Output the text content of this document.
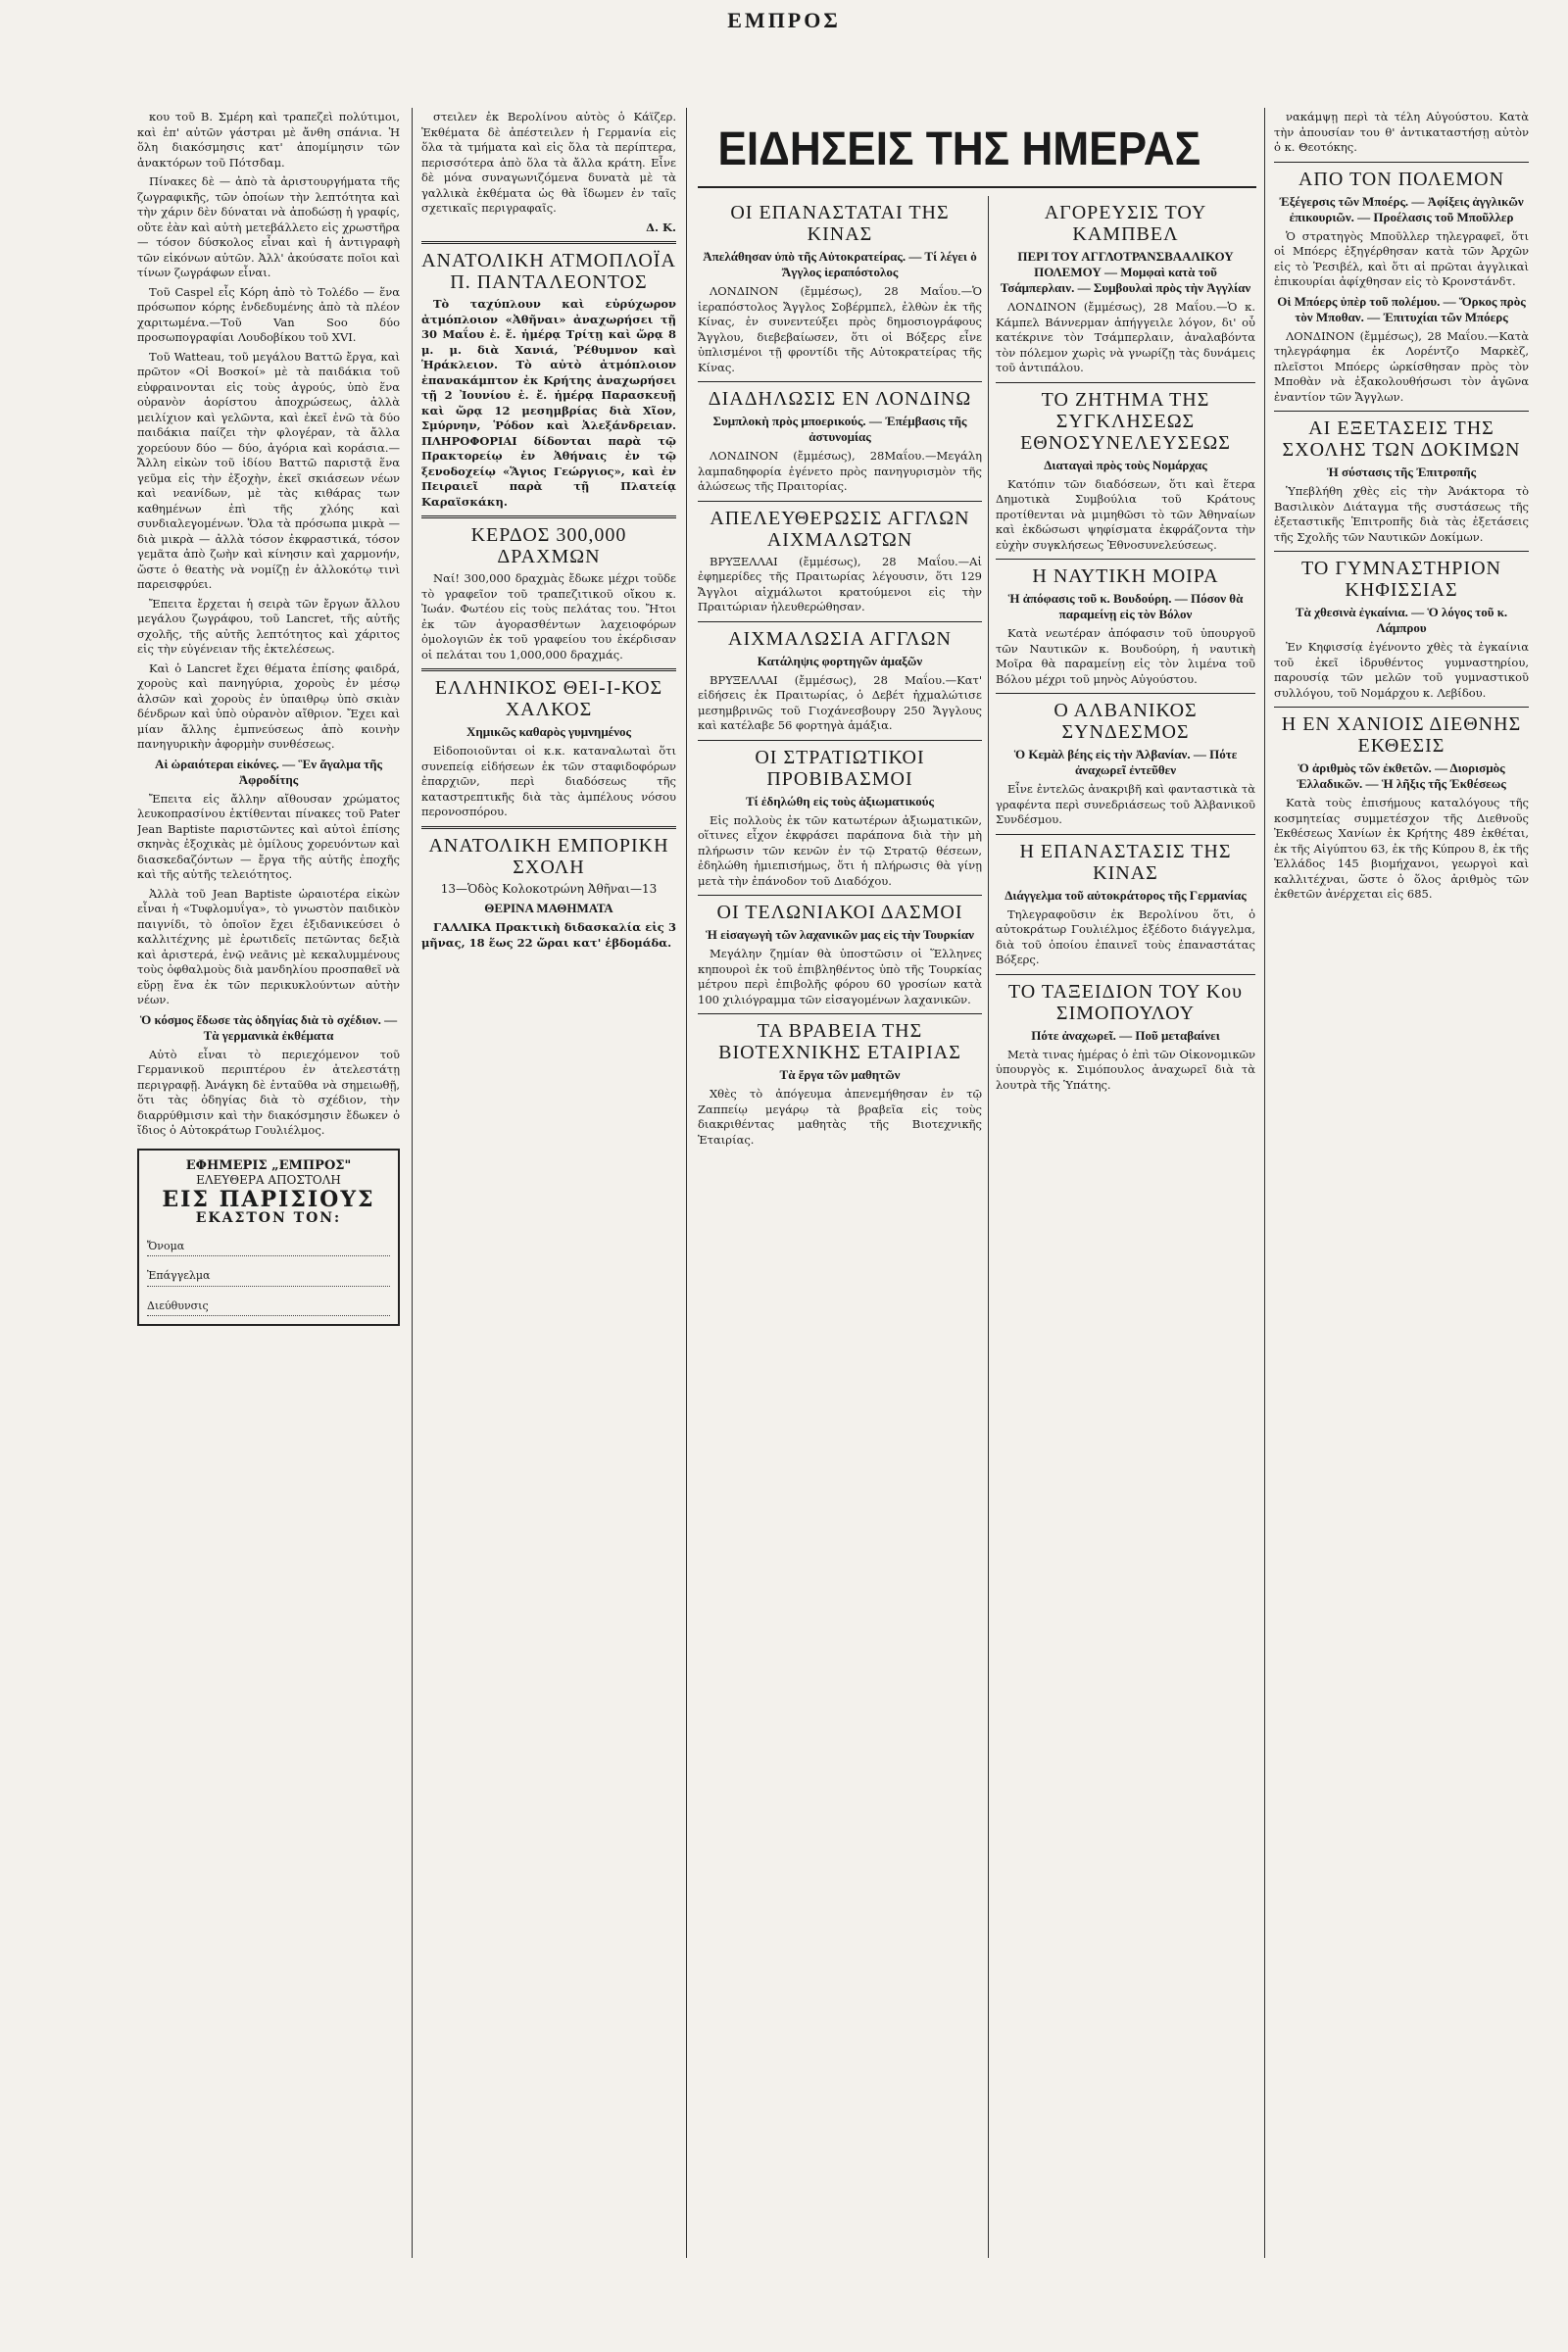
ΕΜΠΡΟΣ

κου τοῦ Β. Σμέρη καὶ τραπεζεὶ πολύτιμοι, καὶ ἐπ' αὐτῶν γάστραι μὲ ἄνθη σπάνια. Ἡ ὅλη διακόσμησις κατ' ἀπομίμησιν τῶν ἀνακτόρων τοῦ Πότσδαμ.

Πίνακες δὲ — ἀπὸ τὰ ἀριστουργήματα τῆς ζωγραφικῆς, τῶν ὁποίων τὴν λεπτότητα καὶ τὴν χάριν δὲν δύναται νὰ ἀποδώσῃ ἡ γραφίς, οὔτε ἐὰν καὶ αὐτὴ μετεβάλλετο εἰς χρωστῆρα — τόσον δύσκολος εἶναι καὶ ἡ ἀντιγραφὴ τῶν εἰκόνων αὐτῶν. Ἀλλ' ἀκούσατε ποῖοι καὶ τίνων ζωγράφων εἶναι.

Τοῦ Caspel εἷς Κόρη ἀπὸ τὸ Τολέδο — ἕνα πρόσωπον κόρης ἐνδεδυμένης ἀπὸ τὰ πλέον χαριτωμένα.—Τοῦ Van Soo δύο προσωπογραφίαι Λουδοβίκου τοῦ XVI.

Τοῦ Watteau, τοῦ μεγάλου Βαττῶ ἔργα, καὶ πρῶτον «Οἱ Βοσκοί» μὲ τὰ παιδάκια τοῦ εὐφραινονται εἰς τοὺς ἀγρούς, ὑπὸ ἕνα οὐρανὸν ἀορίστου ἀποχρώσεως, ἀλλὰ μειλίχιον καὶ γελῶντα, καὶ ἐκεῖ ἐνῶ τὰ δύο παιδάκια παίζει τὴν φλογέραν, τὰ ἄλλα χορεύουν δύο — δύο, ἀγόρια καὶ κοράσια.— Ἄλλη εἰκὼν τοῦ ἰδίου Βαττῶ παριστᾷ ἕνα γεῦμα εἰς τὴν ἐξοχὴν, ἐκεῖ σκιάσεων νέων καὶ νεανίδων, μὲ τὰς κιθάρας των καθημένων ἐπὶ τῆς χλόης καὶ συνδιαλεγομένων. Ὅλα τὰ πρόσωπα μικρὰ — διὰ μικρὰ — ἀλλὰ τόσον ἐκφραστικά, τόσον γεμᾶτα ἀπὸ ζωὴν καὶ κίνησιν καὶ χαρμονήν, ὥστε ὁ θεατὴς νὰ νομίζῃ ἐν ἀλλοκότῳ τινὶ παρεισφρύει.

Ἔπειτα ἔρχεται ἡ σειρὰ τῶν ἔργων ἄλλου μεγάλου ζωγράφου, τοῦ Lancret, τῆς αὐτῆς σχολῆς, τῆς αὐτῆς λεπτότητος καὶ χάριτος εἰς τὴν εὐγένειαν τῆς ἐκτελέσεως.

Καὶ ὁ Lancret ἔχει θέματα ἐπίσης φαιδρά, χοροὺς καὶ πανηγύρια, χοροὺς ἐν μέσῳ ἀλσῶν καὶ χοροὺς ἐν ὑπαιθρῳ ὑπὸ σκιὰν δένδρων καὶ ὑπὸ οὐρανὸν αἴθριον. Ἔχει καὶ μίαν ἄλλης ἐμπνεύσεως ἀπὸ κοινὴν πανηγυρικὴν ἀφορμὴν συνθέσεως.

Αἱ ὡραιότεραι εἰκόνες. — Ἓν ἄγαλμα τῆς Ἀφροδίτης

Ἔπειτα εἰς ἄλλην αἴθουσαν χρώματος λευκοπρασίνου ἐκτίθενται πίνακες τοῦ Pater Jean Baptiste παριστῶντες καὶ αὐτοὶ ἐπίσης σκηνὰς ἐξοχικὰς μὲ ὁμίλους χορευόντων καὶ διασκεδαζόντων — ἔργα τῆς αὐτῆς ἐποχῆς καὶ τῆς αὐτῆς τελειότητος.

Ἀλλὰ τοῦ Jean Baptiste ὡραιοτέρα εἰκὼν εἶναι ἡ «Τυφλομυΐγα», τὸ γνωστὸν παιδικὸν παιγνίδι, τὸ ὁποῖον ἔχει ἐξιδανικεύσει ὁ καλλιτέχνης μὲ ἐρωτιδεῖς πετῶντας δεξιὰ καὶ ἀριστερά, ἐνῷ νεᾶνις μὲ κεκαλυμμένους τοὺς ὀφθαλμοὺς διὰ μανδηλίου προσπαθεῖ νὰ εὕρῃ ἕνα ἐκ τῶν περικυκλούντων αὐτὴν νέων.

Ὁ κόσμος ἔδωσε τὰς ὁδηγίας διὰ τὸ σχέδιον. — Τὰ γερμανικὰ ἐκθέματα

Αὐτὸ εἶναι τὸ περιεχόμενον τοῦ Γερμανικοῦ περιπτέρου ἐν ἀτελεστάτῃ περιγραφῇ. Ἀνάγκη δὲ ἐνταῦθα νὰ σημειωθῇ, ὅτι τὰς ὁδηγίας διὰ τὸ σχέδιον, τὴν διαρρύθμισιν καὶ τὴν διακόσμησιν ἔδωκεν ὁ ἴδιος ὁ Αὐτοκράτωρ Γουλιέλμος.

ΕΦΗΜΕΡΙΣ „ΕΜΠΡΟΣ"
ΕΛΕΥΘΕΡΑ ΑΠΟΣΤΟΛΗ
ΕΙΣ ΠΑΡΙΣΙΟΥΣ
ΕΚΑΣΤΟΝ ΤΟΝ:
Ὄνομα
Ἐπάγγελμα
Διεύθυνσις

στειλεν ἐκ Βερολίνου αὐτὸς ὁ Κάϊζερ. Ἐκθέματα δὲ ἀπέστειλεν ἡ Γερμανία εἰς ὅλα τὰ τμήματα καὶ εἰς ὅλα τὰ περίπτερα, περισσότερα ἀπὸ ὅλα τὰ ἄλλα κράτη. Εἶνε δὲ μόνα συναγωνιζόμενα δυνατὰ μὲ τὰ γαλλικὰ ἐκθέματα ὡς θὰ ἴδωμεν ἐν ταῖς σχετικαῖς περιγραφαῖς.

Δ. Κ.
ΑΝΑΤΟΛΙΚΗ ΑΤΜΟΠΛΟΪΑ Π. ΠΑΝΤΑΛΕΟΝΤΟΣ

Τὸ ταχύπλουν καὶ εὐρύχωρον ἀτμόπλοιον «Ἀθῆναι» ἀναχωρήσει τῇ 30 Μαΐου ἐ. ἔ. ἡμέρᾳ Τρίτῃ καὶ ὥρᾳ 8 μ. μ. διὰ Χανιά, Ῥέθυμνον καὶ Ἡράκλειον. Τὸ αὐτὸ ἀτμόπλοιον ἐπανακάμπτον ἐκ Κρήτης ἀναχωρήσει τῇ 2 Ἰουνίου ἐ. ἔ. ἡμέρᾳ Παρασκευῇ καὶ ὥρᾳ 12 μεσημβρίας διὰ Χῖον, Σμύρνην, Ῥόδον καὶ Ἀλεξάνδρειαν. ΠΛΗΡΟΦΟΡΙΑΙ δίδονται παρὰ τῷ Πρακτορείῳ ἐν Ἀθήναις ἐν τῷ ξενοδοχείῳ «Ἅγιος Γεώργιος», καὶ ἐν Πειραιεῖ παρὰ τῇ Πλατείᾳ Καραϊσκάκη.

ΚΕΡΔΟΣ 300,000 ΔΡΑΧΜΩΝ

Ναί! 300,000 δραχμὰς ἔδωκε μέχρι τοῦδε τὸ γραφεῖον τοῦ τραπεζιτικοῦ οἴκου κ. Ἰωάν. Φωτέου εἰς τοὺς πελάτας του. Ἤτοι ἐκ τῶν ἀγορασθέντων λαχειοφόρων ὁμολογιῶν ἐκ τοῦ γραφείου του ἐκέρδισαν οἱ πελάται του 1,000,000 δραχμάς.

ΕΛΛΗΝΙΚΟΣ ΘΕΙ-Ι-ΚΟΣ ΧΑΛΚΟΣ
Χημικῶς καθαρὸς γυμνημένος

Εἰδοποιοῦνται οἱ κ.κ. καταναλωταὶ ὅτι συνεπείᾳ εἰδήσεων ἐκ τῶν σταφιδοφόρων ἐπαρχιῶν, περὶ διαδόσεως τῆς καταστρεπτικῆς διὰ τὰς ἀμπέλους νόσου περονοσπόρου.

ΑΝΑΤΟΛΙΚΗ ΕΜΠΟΡΙΚΗ ΣΧΟΛΗ
13—Ὁδὸς Κολοκοτρώνη Ἀθῆναι—13
ΘΕΡΙΝΑ ΜΑΘΗΜΑΤΑ

ΓΑΛΛΙΚΑ Πρακτικὴ διδασκαλία εἰς 3 μῆνας, 18 ἕως 22 ὥραι κατ' ἑβδομάδα.

ΕΙΔΗΣΕΙΣ ΤΗΣ ΗΜΕΡΑΣ
ΟΙ ΕΠΑΝΑΣΤΑΤΑΙ ΤΗΣ ΚΙΝΑΣ
Ἀπελάθησαν ὑπὸ τῆς Αὐτοκρατείρας. — Τί λέγει ὁ Ἄγγλος ἱεραπόστολος

ΛΟΝΔΙΝΟΝ (ἔμμέσως), 28 Μαΐου.—Ὁ ἱεραπόστολος Ἄγγλος Σοβέρμπελ, ἐλθὼν ἐκ τῆς Κίνας, ἐν συνεντεύξει πρὸς δημοσιογράφους Ἄγγλου, διεβεβαίωσεν, ὅτι οἱ Βόξερς εἶνε ὑπλισμένοι τῇ φροντίδι τῆς Αὐτοκρατείρας τῆς Κίνας.

ΔΙΑΔΗΛΩΣΙΣ ΕΝ ΛΟΝΔΙΝΩ
Συμπλοκὴ πρὸς μποερικούς. — Ἐπέμβασις τῆς ἀστυνομίας

ΛΟΝΔΙΝΟΝ (ἔμμέσως), 28Μαΐου.—Μεγάλη λαμπαδηφορία ἐγένετο πρὸς πανηγυρισμὸν τῆς ἁλώσεως τῆς Πραιτορίας.

ΑΠΕΛΕΥΘΕΡΩΣΙΣ ΑΓΓΛΩΝ ΑΙΧΜΑΛΩΤΩΝ

ΒΡΥΞΕΛΛΑΙ (ἔμμέσως), 28 Μαΐου.—Αἱ ἐφημερίδες τῆς Πραιτωρίας λέγουσιν, ὅτι 129 Ἄγγλοι αἰχμάλωτοι κρατούμενοι εἰς τὴν Πραιτώριαν ἠλευθερώθησαν.

ΑΙΧΜΑΛΩΣΙΑ ΑΓΓΛΩΝ
Κατάληψις φορτηγῶν ἁμαξῶν

ΒΡΥΞΕΛΛΑΙ (ἔμμέσως), 28 Μαΐου.—Κατ' εἰδήσεις ἐκ Πραιτωρίας, ὁ Δεβέτ ἠχμαλώτισε μεσημβρινῶς τοῦ Γιοχάνεσβουργ 250 Ἄγγλους καὶ κατέλαβε 56 φορτηγὰ ἁμάξια.

ΟΙ ΣΤΡΑΤΙΩΤΙΚΟΙ ΠΡΟΒΙΒΑΣΜΟΙ
Τί ἐδηλώθη εἰς τοὺς ἀξιωματικούς

Εἰς πολλοὺς ἐκ τῶν κατωτέρων ἀξιωματικῶν, οἵτινες εἶχον ἐκφράσει παράπονα διὰ τὴν μὴ πλήρωσιν τῶν κενῶν ἐν τῷ Στρατῷ θέσεων, ἐδηλώθη ἡμιεπισήμως, ὅτι ἡ πλήρωσις θὰ γίνῃ μετὰ τὴν ἐπάνοδον τοῦ Διαδόχου.

ΟΙ ΤΕΛΩΝΙΑΚΟΙ ΔΑΣΜΟΙ
Ἡ εἰσαγωγὴ τῶν λαχανικῶν μας εἰς τὴν Τουρκίαν

Μεγάλην ζημίαν θὰ ὑποστῶσιν οἱ Ἕλληνες κηπουροὶ ἐκ τοῦ ἐπιβληθέντος ὑπὸ τῆς Τουρκίας μέτρου περὶ ἐπιβολῆς φόρου 60 γροσίων κατὰ 100 χιλιόγραμμα τῶν εἰσαγομένων λαχανικῶν.

ΤΑ ΒΡΑΒΕΙΑ ΤΗΣ ΒΙΟΤΕΧΝΙΚΗΣ ΕΤΑΙΡΙΑΣ
Τὰ ἔργα τῶν μαθητῶν

Χθὲς τὸ ἀπόγευμα ἀπενεμήθησαν ἐν τῷ Ζαππείῳ μεγάρῳ τὰ βραβεῖα εἰς τοὺς διακριθέντας μαθητὰς τῆς Βιοτεχνικῆς Ἑταιρίας.

ΑΓΟΡΕΥΣΙΣ ΤΟΥ ΚΑΜΠΒΕΛ
ΠΕΡΙ ΤΟΥ ΑΓΓΛΟΤΡΑΝΣΒΑΑΛΙΚΟΥ ΠΟΛΕΜΟΥ — Μομφαὶ κατὰ τοῦ Τσάμπερλαιν. — Συμβουλαὶ πρὸς τὴν Ἀγγλίαν

ΛΟΝΔΙΝΟΝ (ἔμμέσως), 28 Μαΐου.—Ὁ κ. Κάμπελ Βάννερμαν ἀπήγγειλε λόγον, δι' οὗ κατέκρινε τὸν Τσάμπερλαιν, ἀναλαβόντα τὸν πόλεμον χωρὶς νὰ γνωρίζῃ τὰς δυνάμεις τοῦ ἀντιπάλου.

ΤΟ ΖΗΤΗΜΑ ΤΗΣ ΣΥΓΚΛΗΣΕΩΣ ΕΘΝΟΣΥΝΕΛΕΥΣΕΩΣ
Διαταγαὶ πρὸς τοὺς Νομάρχας

Κατόπιν τῶν διαδόσεων, ὅτι καὶ ἕτερα Δημοτικὰ Συμβούλια τοῦ Κράτους προτίθενται νὰ μιμηθῶσι τὸ τῶν Ἀθηναίων καὶ ἐκδώσωσι ψηφίσματα ἐκφράζοντα τὴν εὐχὴν συγκλήσεως Ἐθνοσυνελεύσεως.

Η ΝΑΥΤΙΚΗ ΜΟΙΡΑ
Ἡ ἀπόφασις τοῦ κ. Βουδούρη. — Πόσον θὰ παραμείνῃ εἰς τὸν Βόλον

Κατὰ νεωτέραν ἀπόφασιν τοῦ ὑπουργοῦ τῶν Ναυτικῶν κ. Βουδούρη, ἡ ναυτικὴ Μοῖρα θὰ παραμείνῃ εἰς τὸν λιμένα τοῦ Βόλου μέχρι τοῦ μηνὸς Αὐγούστου.

Ο ΑΛΒΑΝΙΚΟΣ ΣΥΝΔΕΣΜΟΣ
Ὁ Κεμὰλ βέης εἰς τὴν Ἀλβανίαν. — Πότε ἀναχωρεῖ ἐντεῦθεν

Εἶνε ἐντελῶς ἀνακριβῆ καὶ φανταστικὰ τὰ γραφέντα περὶ συνεδριάσεως τοῦ Ἀλβανικοῦ Συνδέσμου.

Η ΕΠΑΝΑΣΤΑΣΙΣ ΤΗΣ ΚΙΝΑΣ
Διάγγελμα τοῦ αὐτοκράτορος τῆς Γερμανίας

Τηλεγραφοῦσιν ἐκ Βερολίνου ὅτι, ὁ αὐτοκράτωρ Γουλιέλμος ἐξέδοτο διάγγελμα, διὰ τοῦ ὁποίου ἐπαινεῖ τοὺς ἐπαναστάτας Βόξερς.

ΤΟ ΤΑΞΕΙΔΙΟΝ ΤΟΥ Κου ΣΙΜΟΠΟΥΛΟΥ
Πότε ἀναχωρεῖ. — Ποῦ μεταβαίνει

Μετὰ τινας ἡμέρας ὁ ἐπὶ τῶν Οἰκονομικῶν ὑπουργὸς κ. Σιμόπουλος ἀναχωρεῖ διὰ τὰ λουτρὰ τῆς Ὑπάτης.

νακάμψῃ περὶ τὰ τέλη Αὐγούστου. Κατὰ τὴν ἀπουσίαν του θ' ἀντικαταστήσῃ αὐτὸν ὁ κ. Θεοτόκης.

ΑΠΟ ΤΟΝ ΠΟΛΕΜΟΝ
Ἐξέγερσις τῶν Μποέρς. — Ἀφίξεις ἀγγλικῶν ἐπικουριῶν. — Προέλασις τοῦ Μποῦλλερ

Ὁ στρατηγὸς Μποῦλλερ τηλεγραφεῖ, ὅτι οἱ Μπόερς ἐξηγέρθησαν κατὰ τῶν Ἀρχῶν εἰς τὸ Ῥεσιβέλ, καὶ ὅτι αἱ πρῶται ἀγγλικαὶ ἐπικουρίαι ἀφίχθησαν εἰς τὸ Κρονστάνδτ.

Οἱ Μπόερς ὑπὲρ τοῦ πολέμου. — Ὅρκος πρὸς τὸν Μποθαν. — Ἐπιτυχίαι τῶν Μπόερς

ΛΟΝΔΙΝΟΝ (ἔμμέσως), 28 Μαΐου.—Κατὰ τηλεγράφημα ἐκ Λορέντζο Μαρκὲζ, πλεῖστοι Μπόερς ὡρκίσθησαν πρὸς τὸν Μποθὰν νὰ ἐξακολουθήσωσι τὸν ἀγῶνα ἐναντίον τῶν Ἄγγλων.

ΑΙ ΕΞΕΤΑΣΕΙΣ ΤΗΣ ΣΧΟΛΗΣ ΤΩΝ ΔΟΚΙΜΩΝ
Ἡ σύστασις τῆς Ἐπιτροπῆς

Ὑπεβλήθη χθὲς εἰς τὴν Ἀνάκτορα τὸ Βασιλικὸν Διάταγμα τῆς συστάσεως τῆς ἐξεταστικῆς Ἐπιτροπῆς διὰ τὰς ἐξετάσεις τῆς Σχολῆς τῶν Ναυτικῶν Δοκίμων.

ΤΟ ΓΥΜΝΑΣΤΗΡΙΟΝ ΚΗΦΙΣΣΙΑΣ
Τὰ χθεσινὰ ἐγκαίνια. — Ὁ λόγος τοῦ κ. Λάμπρου

Ἐν Κηφισσίᾳ ἐγένοντο χθὲς τὰ ἐγκαίνια τοῦ ἐκεῖ ἱδρυθέντος γυμναστηρίου, παρουσίᾳ τῶν μελῶν τοῦ γυμναστικοῦ συλλόγου, τοῦ Νομάρχου κ. Λεβίδου.

Η ΕΝ ΧΑΝΙΟΙΣ ΔΙΕΘΝΗΣ ΕΚΘΕΣΙΣ
Ὁ ἀριθμὸς τῶν ἐκθετῶν. — Διορισμὸς Ἑλλαδικῶν. — Ἡ λῆξις τῆς Ἐκθέσεως

Κατὰ τοὺς ἐπισήμους καταλόγους τῆς κοσμητείας συμμετέσχον τῆς Διεθνοῦς Ἐκθέσεως Χανίων ἐκ Κρήτης 489 ἐκθέται, ἐκ τῆς Αἰγύπτου 63, ἐκ τῆς Κύπρου 8, ἐκ τῆς Ἑλλάδος 145 βιομήχανοι, γεωργοὶ καὶ καλλιτέχναι, ὥστε ὁ ὅλος ἀριθμὸς τῶν ἐκθετῶν ἀνέρχεται εἰς 685.
